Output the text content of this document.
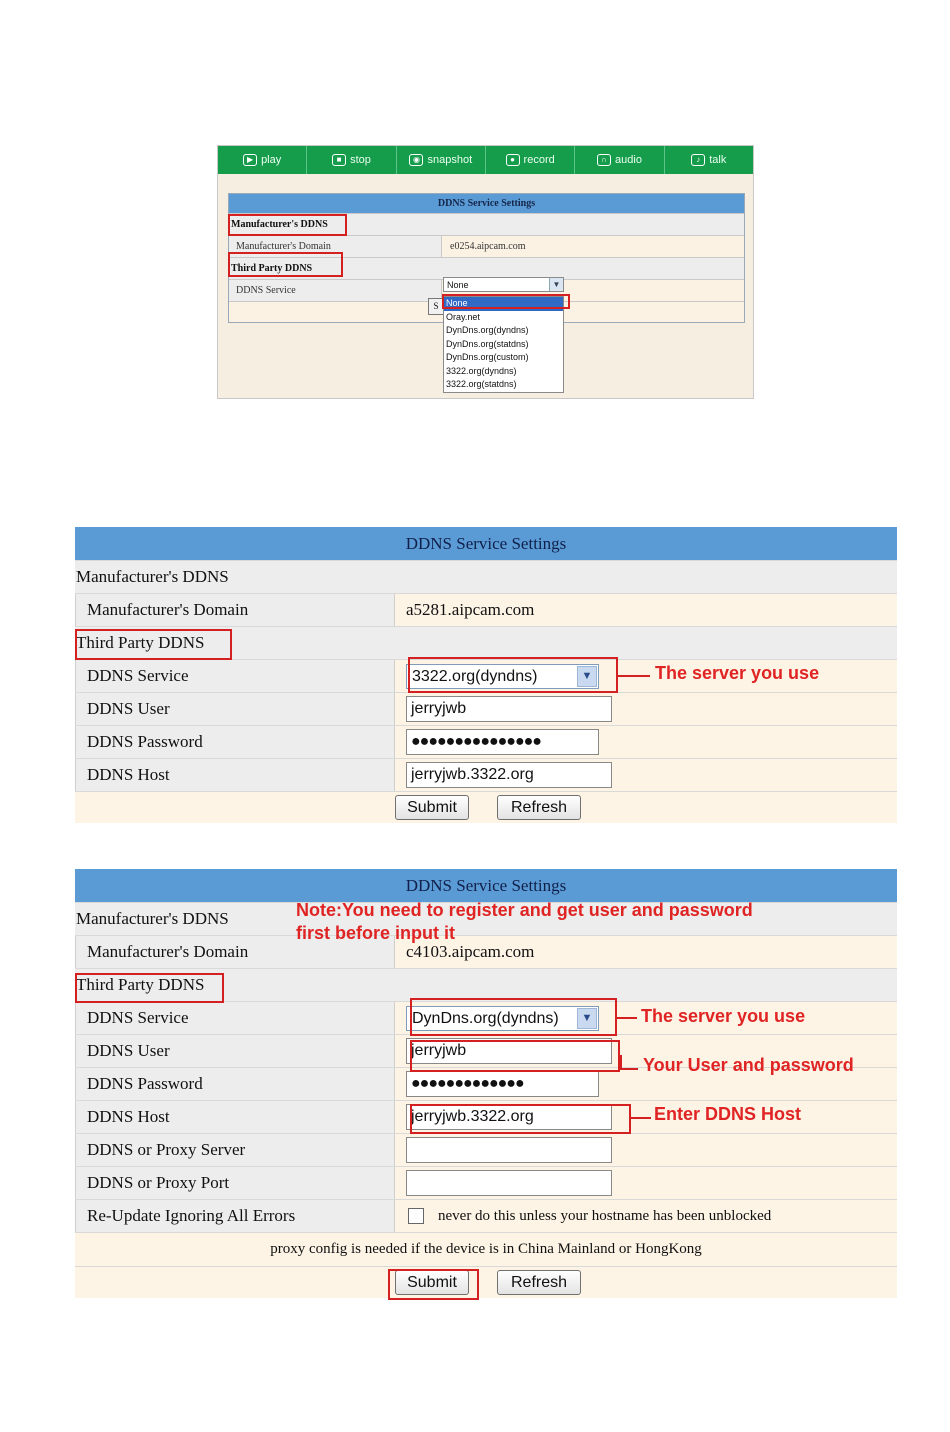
▶ play	■ stop	◉ snapshot	● record	∩ audio	♪ talk
DDNS Service Settings
Manufacturer's DDNS
Manufacturer's Domain	e0254.aipcam.com
Third Party DDNS
DDNS Service
S
None	▼
None
Oray.net
DynDns.org(dyndns)
DynDns.org(statdns)
DynDns.org(custom)
3322.org(dyndns)
3322.org(statdns)
DDNS Service Settings
Manufacturer's DDNS
Manufacturer's Domain	a5281.aipcam.com
Third Party DDNS
DDNS Service	3322.org(dyndns)	▼
DDNS User	jerryjwb
DDNS Password	●●●●●●●●●●●●●●●
DDNS Host	jerryjwb.3322.org
Submit	Refresh
The server you use
DDNS Service Settings
Manufacturer's DDNS
Manufacturer's Domain	c4103.aipcam.com
Third Party DDNS
DDNS Service	DynDns.org(dyndns)	▼
DDNS User	jerryjwb
DDNS Password	●●●●●●●●●●●●●
DDNS Host	jerryjwb.3322.org
DDNS or Proxy Server
DDNS or Proxy Port
Re-Update Ignoring All Errors	never do this unless your hostname has been unblocked
proxy config is needed if the device is in China Mainland or HongKong
Submit	Refresh
Note:You need to register and get user and password
first before input it
The server you use
Your User and password
Enter DDNS Host
